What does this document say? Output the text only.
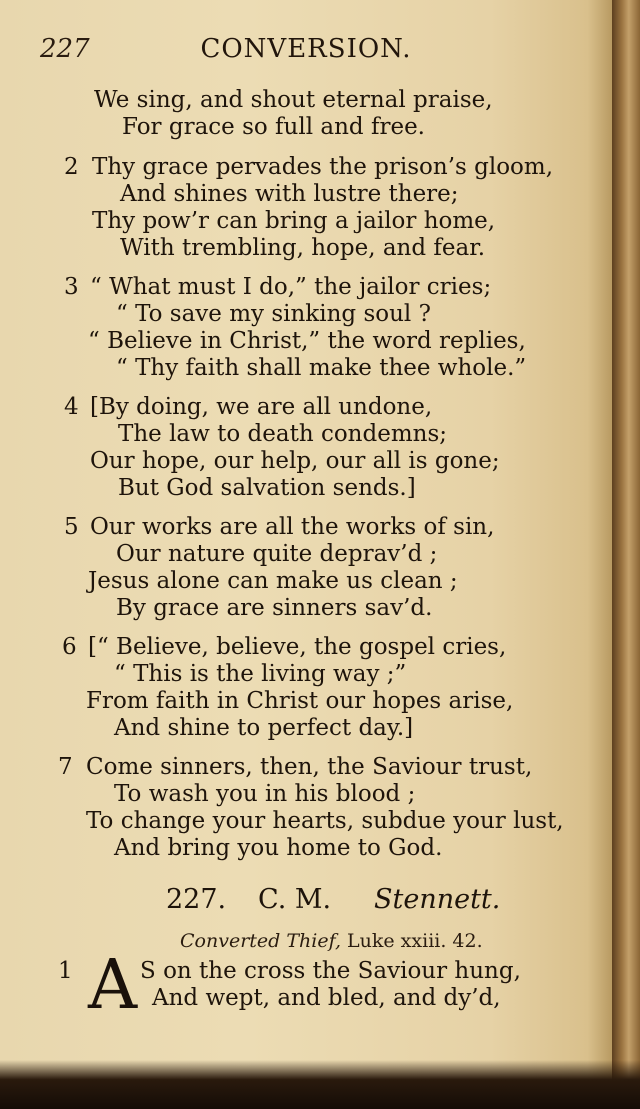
227	CONVERSION.
We sing, and shout eternal praise,
For grace so full and free.
2 Thy grace pervades the prison’s gloom,
And shines with lustre there;
Thy pow’r can bring a jailor home,
With trembling, hope, and fear.
3 “ What must I do,” the jailor cries;
“ To save my sinking soul ?
“ Believe in Christ,” the word replies,
“ Thy faith shall make thee whole.”
4 [By doing, we are all undone,
The law to death condemns;
Our hope, our help, our all is gone;
But God salvation sends.]
5 Our works are all the works of sin,
Our nature quite deprav’d ;
Jesus alone can make us clean ;
By grace are sinners sav’d.
6 [“ Believe, believe, the gospel cries,
“ This is the living way ;”
From faith in Christ our hopes arise,
And shine to perfect day.]
7 Come sinners, then, the Saviour trust,
To wash you in his blood ;
To change your hearts, subdue your lust,
And bring you home to God.
227. C. M. Stennett.
Converted Thief, Luke xxiii. 42.
1 A S on the cross the Saviour hung,
And wept, and bled, and dy’d,
